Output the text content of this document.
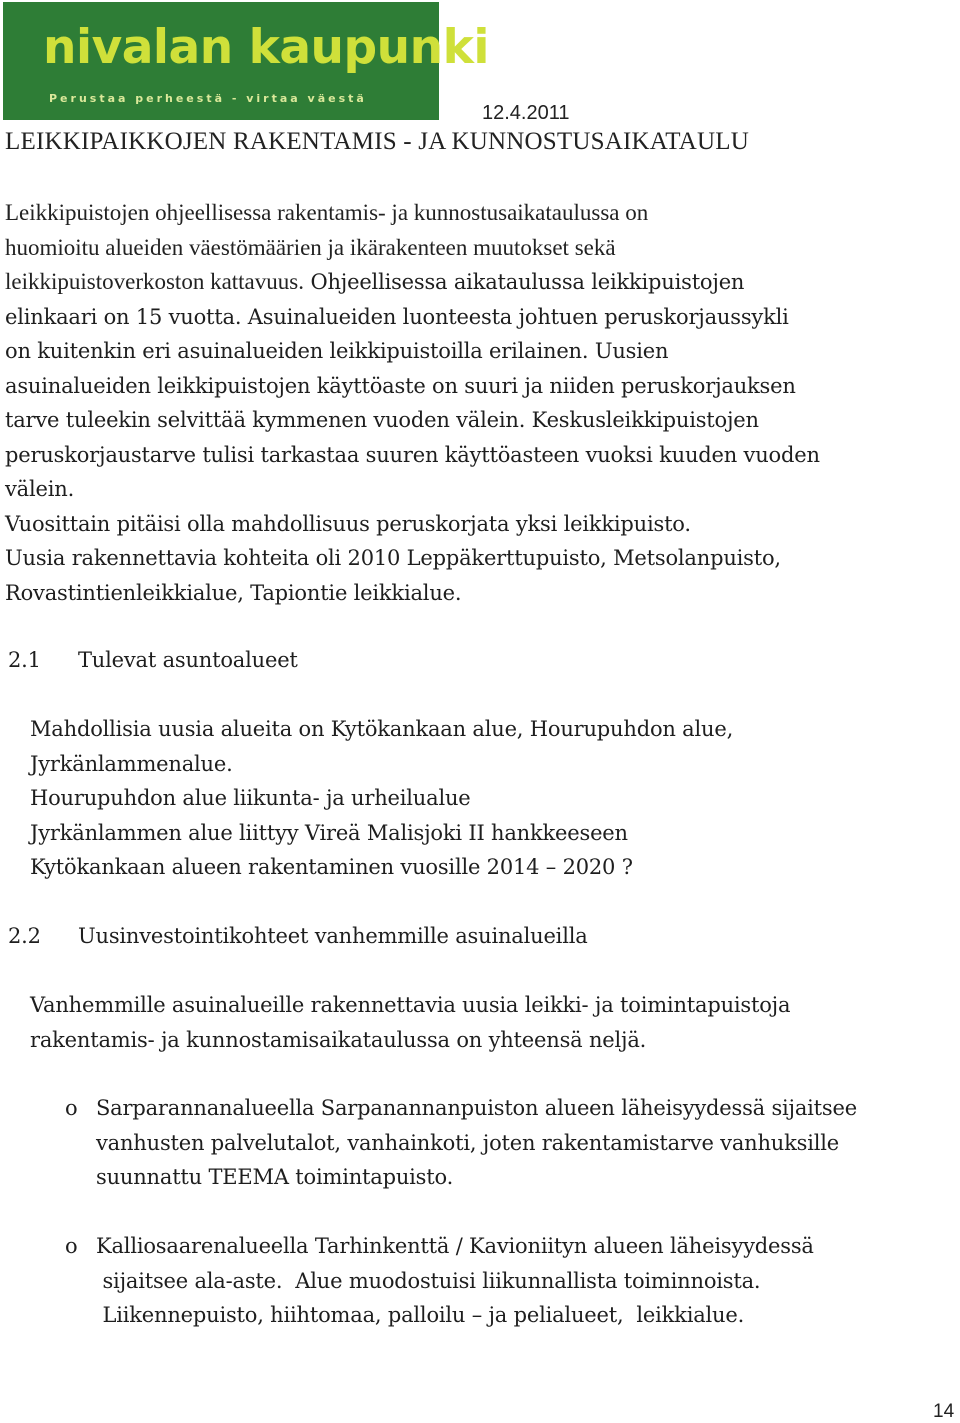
nivalan kaupunki
Perustaa perheestä - virtaa väestä
12.4.2011
LEIKKIPAIKKOJEN RAKENTAMIS - JA KUNNOSTUSAIKATAULU
Leikkipuistojen ohjeellisessa rakentamis- ja kunnostusaikataulussa on
huomioitu alueiden väestömäärien ja ikärakenteen muutokset sekä
leikkipuistoverkoston kattavuus. Ohjeellisessa aikataulussa leikkipuistojen
elinkaari on 15 vuotta. Asuinalueiden luonteesta johtuen peruskorjaussykli
on kuitenkin eri asuinalueiden leikkipuistoilla erilainen. Uusien
asuinalueiden leikkipuistojen käyttöaste on suuri ja niiden peruskorjauksen
tarve tuleekin selvittää kymmenen vuoden välein. Keskusleikkipuistojen
peruskorjaustarve tulisi tarkastaa suuren käyttöasteen vuoksi kuuden vuoden
välein.
Vuosittain pitäisi olla mahdollisuus peruskorjata yksi leikkipuisto.
Uusia rakennettavia kohteita oli 2010 Leppäkerttupuisto, Metsolanpuisto,
Rovastintienleikkialue, Tapiontie leikkialue.
2.1 Tulevat asuntoalueet
Mahdollisia uusia alueita on Kytökankaan alue, Hourupuhdon alue,
Jyrkänlammenalue.
Hourupuhdon alue liikunta- ja urheilualue
Jyrkänlammen alue liittyy Vireä Malisjoki II hankkeeseen
Kytökankaan alueen rakentaminen vuosille 2014 – 2020 ?
2.2 Uusinvestointikohteet vanhemmille asuinalueilla
Vanhemmille asuinalueille rakennettavia uusia leikki- ja toimintapuistoja
rakentamis- ja kunnostamisaikataulussa on yhteensä neljä.
o Sarparannanalueella Sarpanannanpuiston alueen läheisyydessä sijaitsee
vanhusten palvelutalot, vanhainkoti, joten rakentamistarve vanhuksille
suunnattu TEEMA toimintapuisto.
o Kalliosaarenalueella Tarhinkenttä / Kavioniityn alueen läheisyydessä
sijaitsee ala-aste.  Alue muodostuisi liikunnallista toiminnoista.
Liikennepuisto, hiihtomaa, palloilu – ja pelialueet,  leikkialue.
14
